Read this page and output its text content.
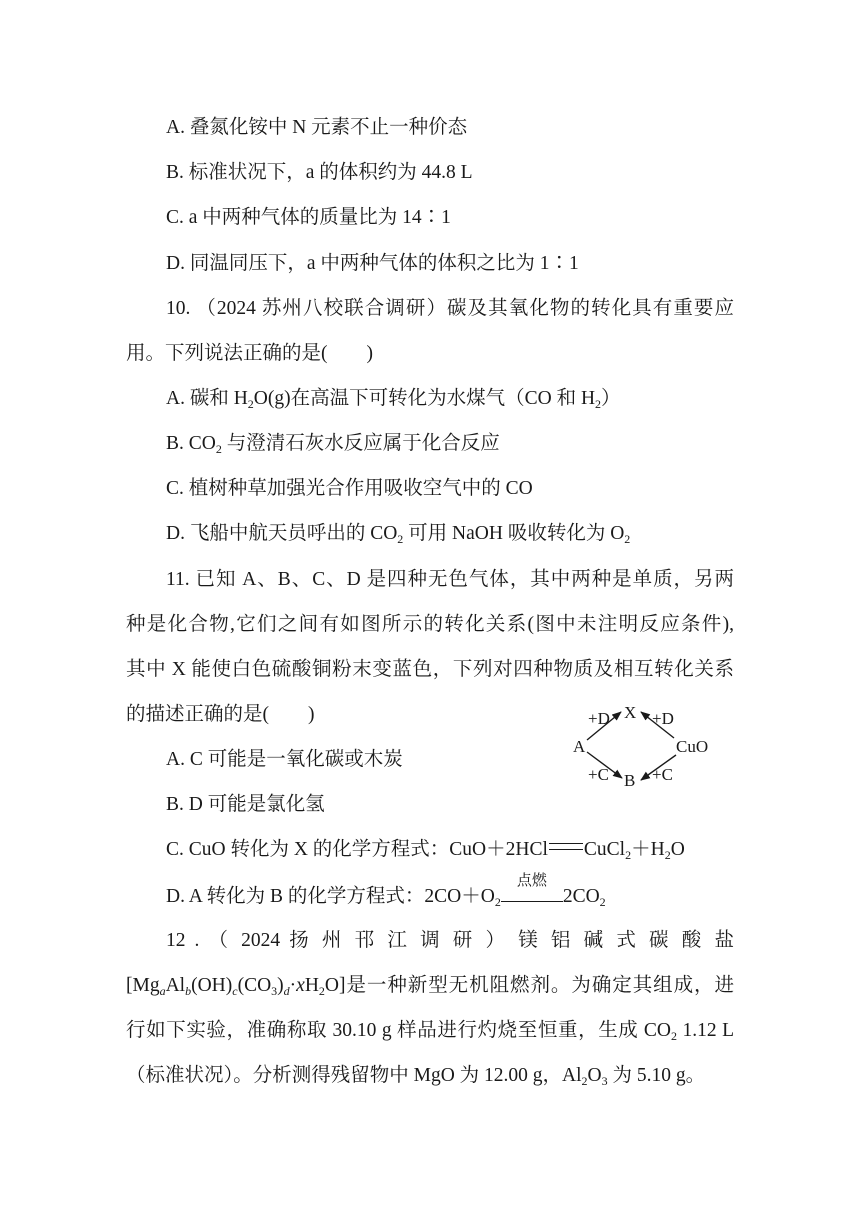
A. 叠氮化铵中 N 元素不止一种价态
B. 标准状况下，a 的体积约为 44.8 L
C. a 中两种气体的质量比为 14∶1
D. 同温同压下，a 中两种气体的体积之比为 1∶1
10. （2024 苏州八校联合调研）碳及其氧化物的转化具有重要应
用。下列说法正确的是(　　)
A. 碳和 $H_2O(g)$在高温下可转化为水煤气（CO 和 $H_2$）
B. $CO_2$ 与澄清石灰水反应属于化合反应
C. 植树种草加强光合作用吸收空气中的 CO
D. 飞船中航天员呼出的 $CO_2$ 可用 NaOH 吸收转化为 $O_2$
11. 已知 A、B、C、D 是四种无色气体，其中两种是单质，另两
种是化合物,它们之间有如图所示的转化关系(图中未注明反应条件),
其中 X 能使白色硫酸铜粉末变蓝色，下列对四种物质及相互转化关系
的描述正确的是(　　)
A. C 可能是一氧化碳或木炭
B. D 可能是氯化氢
C. CuO 转化为 X 的化学方程式：CuO＋2HCl $CuCl_2+H_2O$
D. A 转化为 B 的化学方程式：$2CO+O_2$
点燃
$2CO_2$
A
X
B
CuO
+D +D
+C	+C
12 . （ 2024 扬 州 邗 江 调 研 ） 镁 铝 碱 式 碳 酸 盐
$[Mg_aAl_b(OH)_c(CO_3)_d\cdot xH_2O]$是一种新型无机阻燃剂。为确定其组成，进
行如下实验，准确称取 30.10 g 样品进行灼烧至恒重，生成 $CO_2$ 1.12 L
（标准状况）。分析测得残留物中 MgO 为 12.00 g，$Al_2O_3$ 为 5.10 g。
